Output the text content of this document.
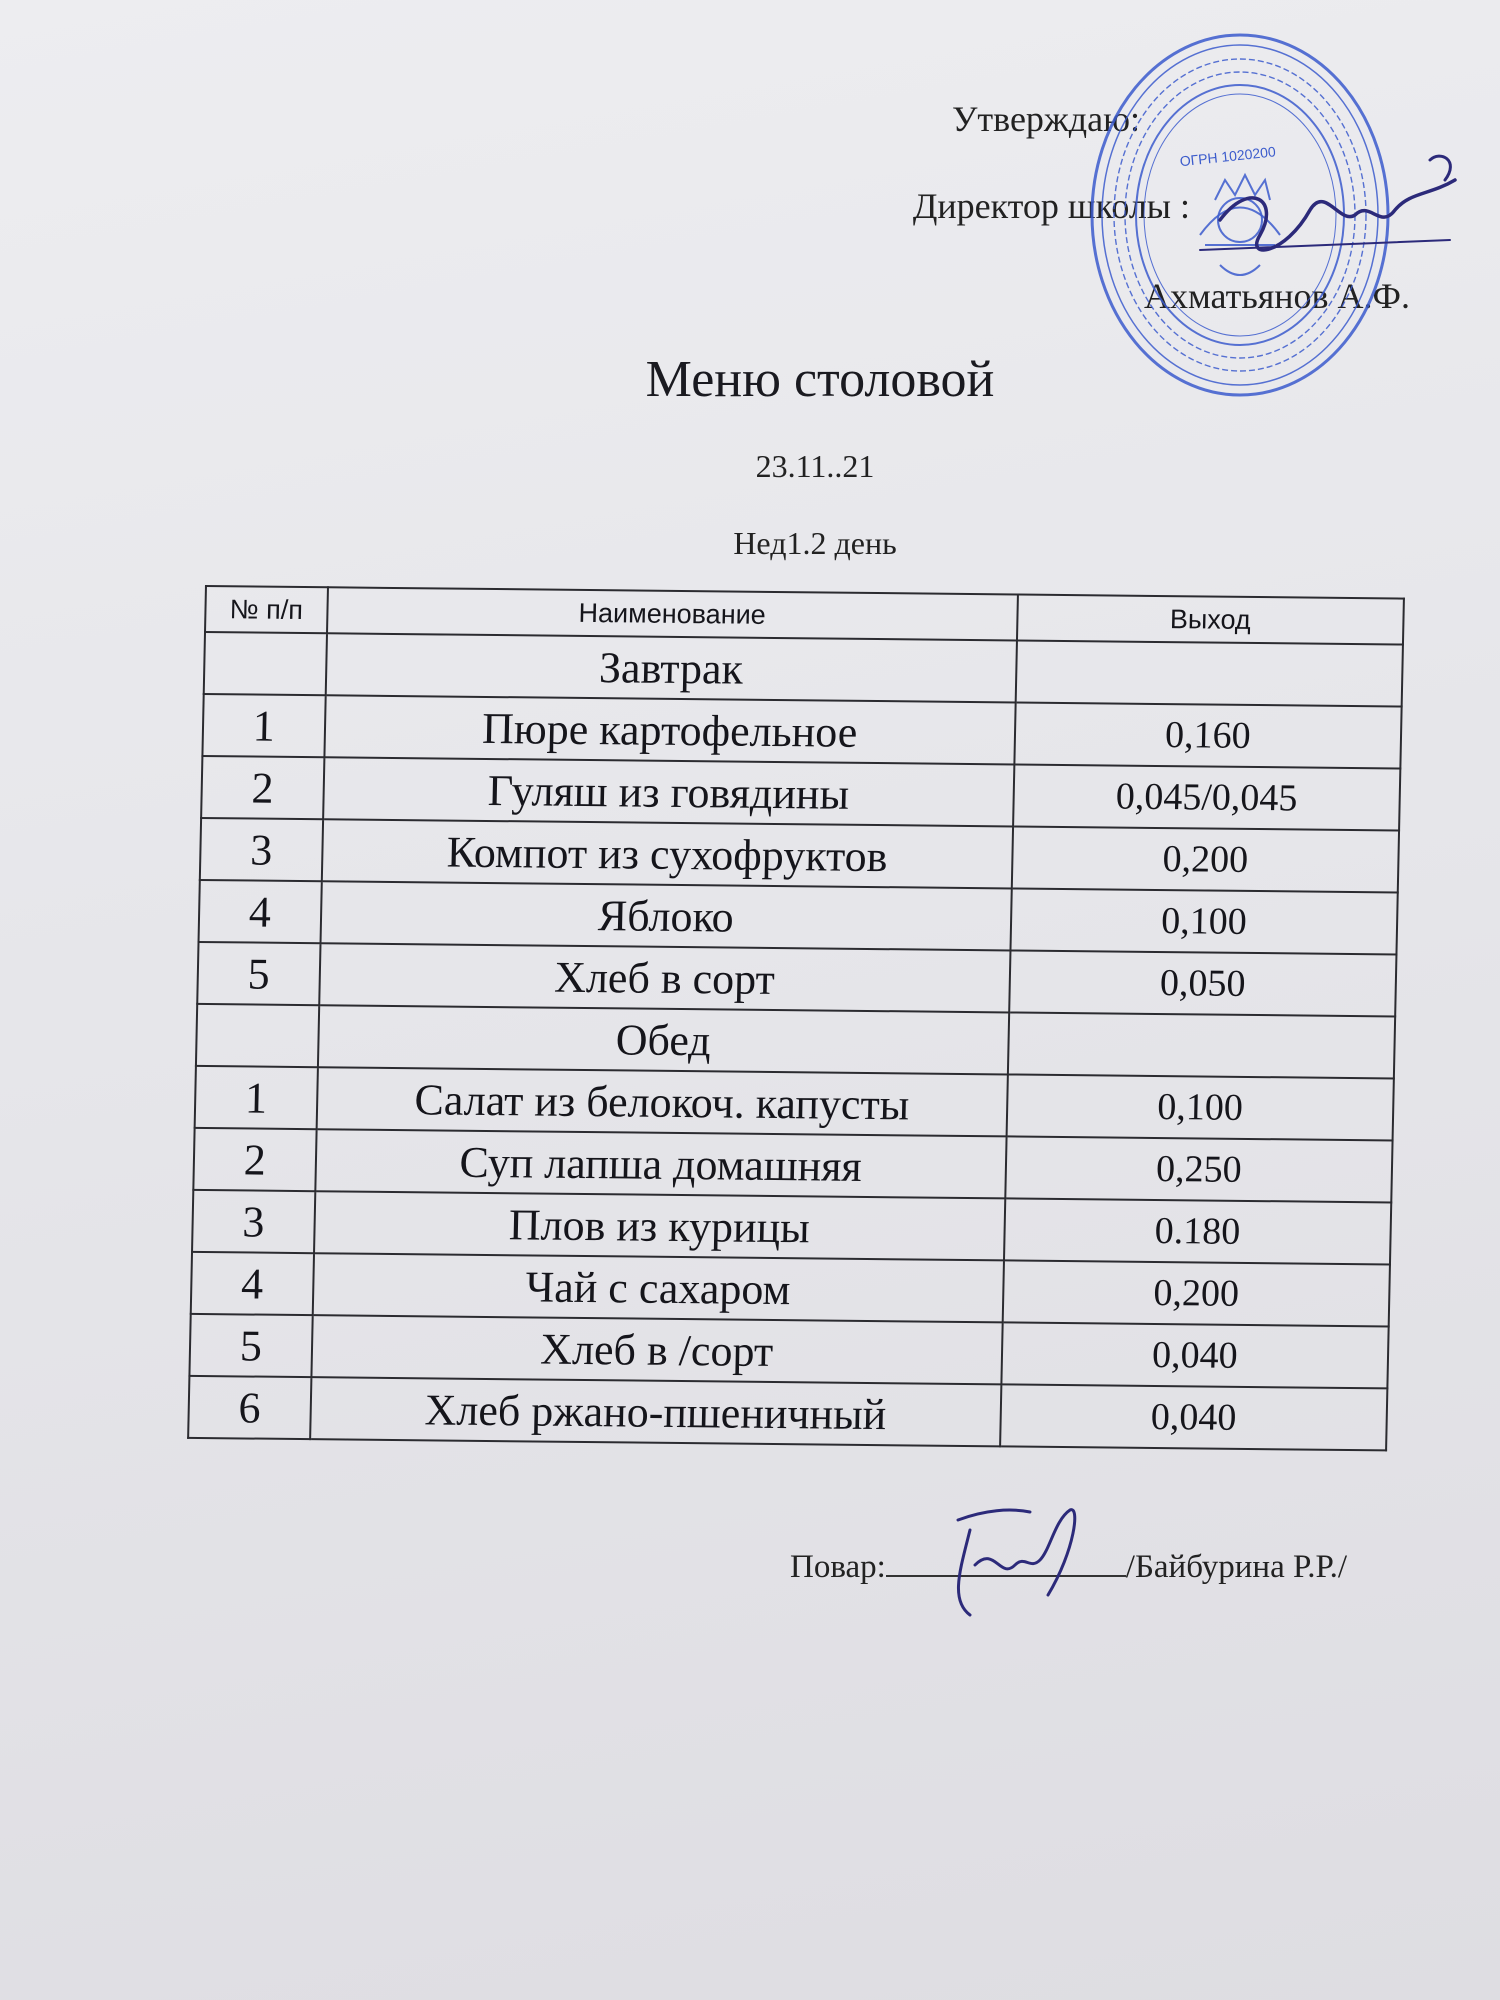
Утверждаю:
Директор школы :
Ахматьянов А.Ф.
ОГРН 1020200
Меню столовой
23.11..21
Нед1.2 день
№ п/п	Наименование	Выход
	Завтрак	
1	Пюре картофельное	0,160
2	Гуляш из говядины	0,045/0,045
3	Компот из сухофруктов	0,200
4	Яблоко	0,100
5	Хлеб в сорт	0,050
	Обед	
1	Салат из белокоч. капусты	0,100
2	Суп лапша домашняя	0,250
3	Плов из курицы	0.180
4	Чай с сахаром	0,200
5	Хлеб в /сорт	0,040
6	Хлеб ржано-пшеничный	0,040
Повар:	/Байбурина Р.Р./
